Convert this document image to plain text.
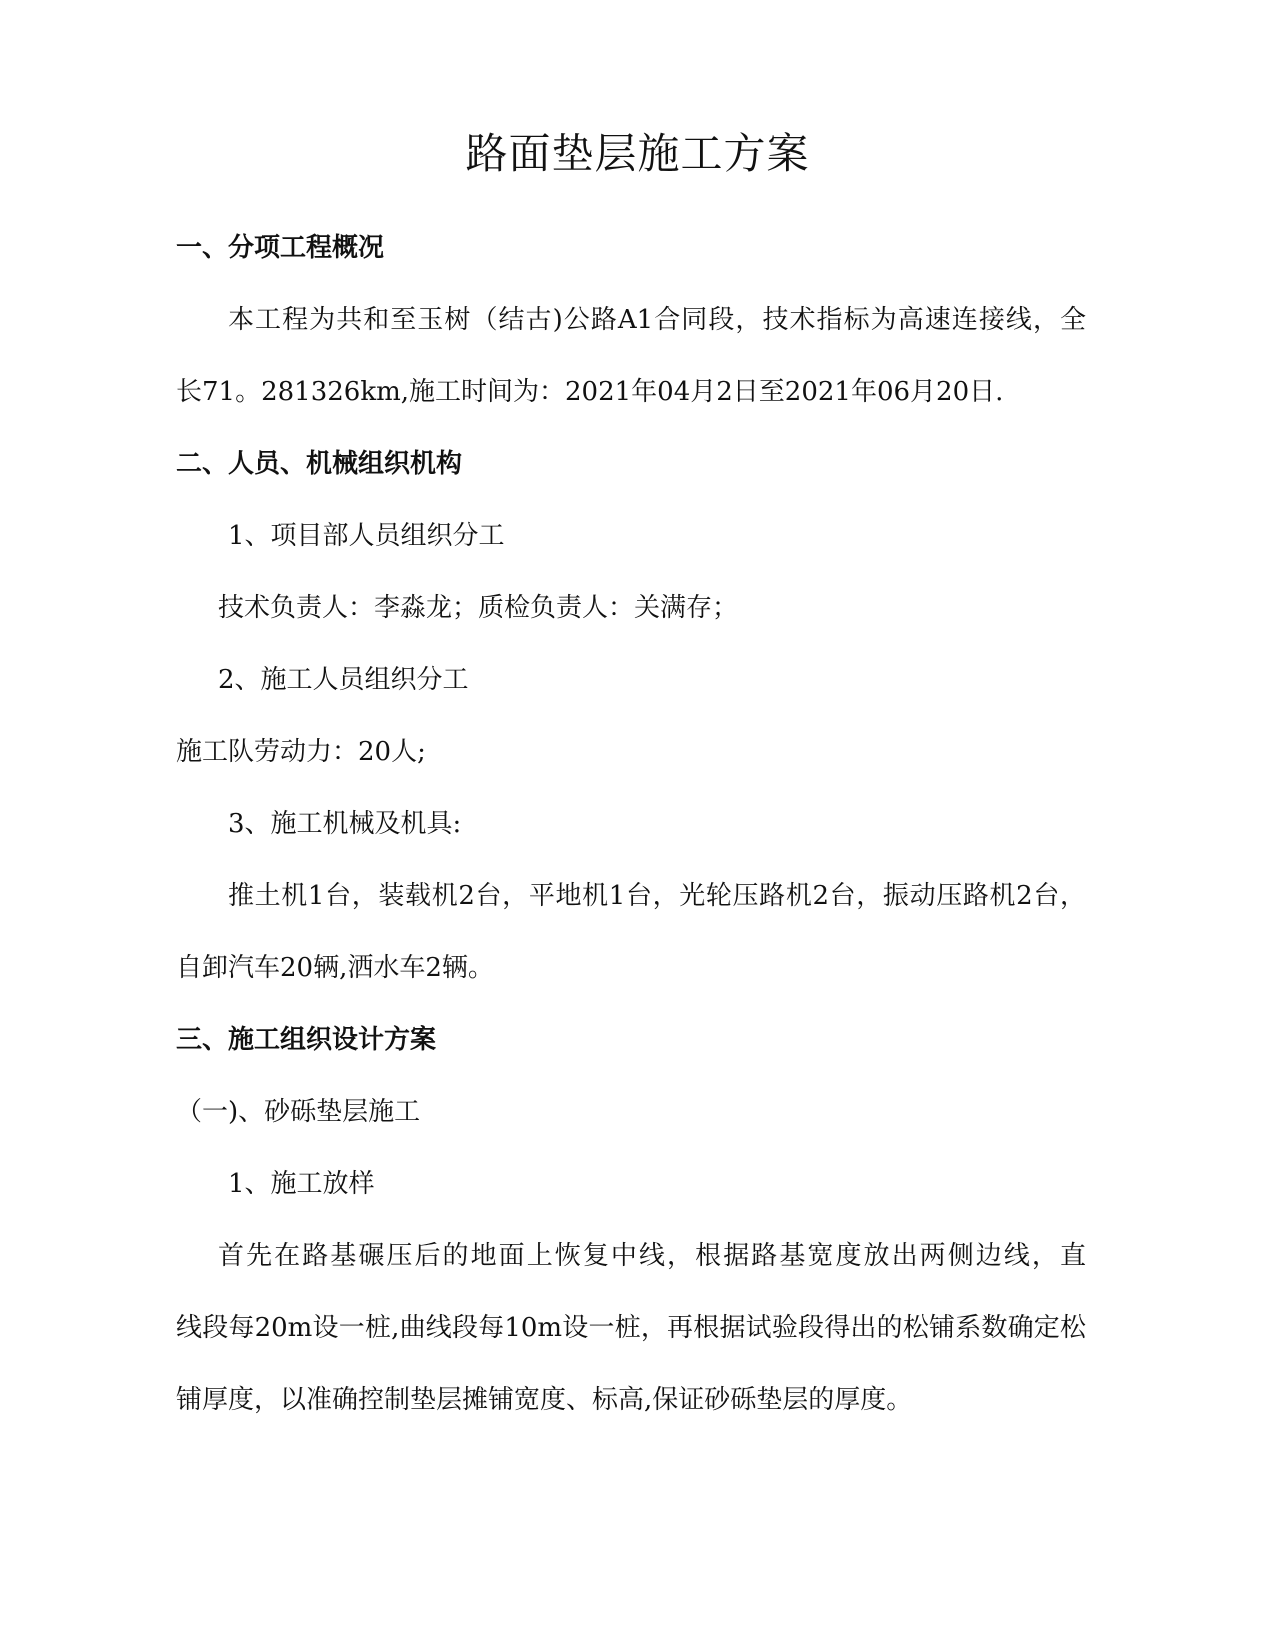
路面垫层施工方案
一、分项工程概况

本工程为共和至玉树（结古)公路A1合同段，技术指标为高速连接线，全

长71。281326km,施工时间为：2021年04月2日至2021年06月20日.

二、人员、机械组织机构

1、项目部人员组织分工

技术负责人：李淼龙；质检负责人：关满存；

2、施工人员组织分工

施工队劳动力：20人;

3、施工机械及机具:

推土机1台，装载机2台，平地机1台，光轮压路机2台，振动压路机2台，

自卸汽车20辆,洒水车2辆。

三、施工组织设计方案

（一)、砂砾垫层施工

1、施工放样

首先在路基碾压后的地面上恢复中线，根据路基宽度放出两侧边线，直

线段每20m设一桩,曲线段每10m设一桩，再根据试验段得出的松铺系数确定松

铺厚度，以准确控制垫层摊铺宽度、标高,保证砂砾垫层的厚度。
